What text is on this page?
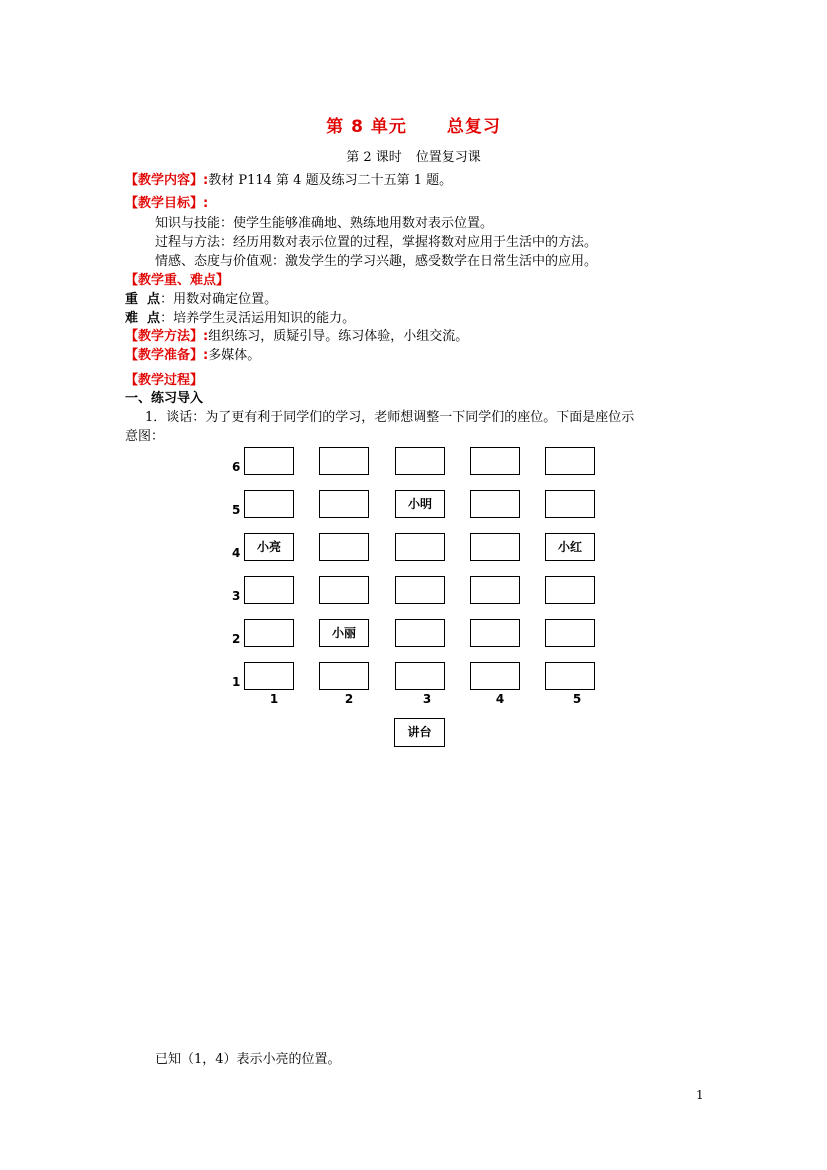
第 8 单元 总复习
第 2 课时 位置复习课
【教学内容】:教材 P114 第 4 题及练习二十五第 1 题。
【教学目标】:
知识与技能：使学生能够准确地、熟练地用数对表示位置。
过程与方法：经历用数对表示位置的过程，掌握将数对应用于生活中的方法。
情感、态度与价值观：激发学生的学习兴趣，感受数学在日常生活中的应用。
【教学重、难点】
重  点：用数对确定位置。
难  点：培养学生灵活运用知识的能力。
【教学方法】:组织练习，质疑引导。练习体验，小组交流。
【教学准备】:多媒体。
【教学过程】
一、练习导入
1．谈话：为了更有利于同学们的学习，老师想调整一下同学们的座位。下面是座位示
意图：
6
5
4
3
2
1
小明
小亮	小红
小丽
1	2	3	4	5
讲台
已知（1，4）表示小亮的位置。
1
